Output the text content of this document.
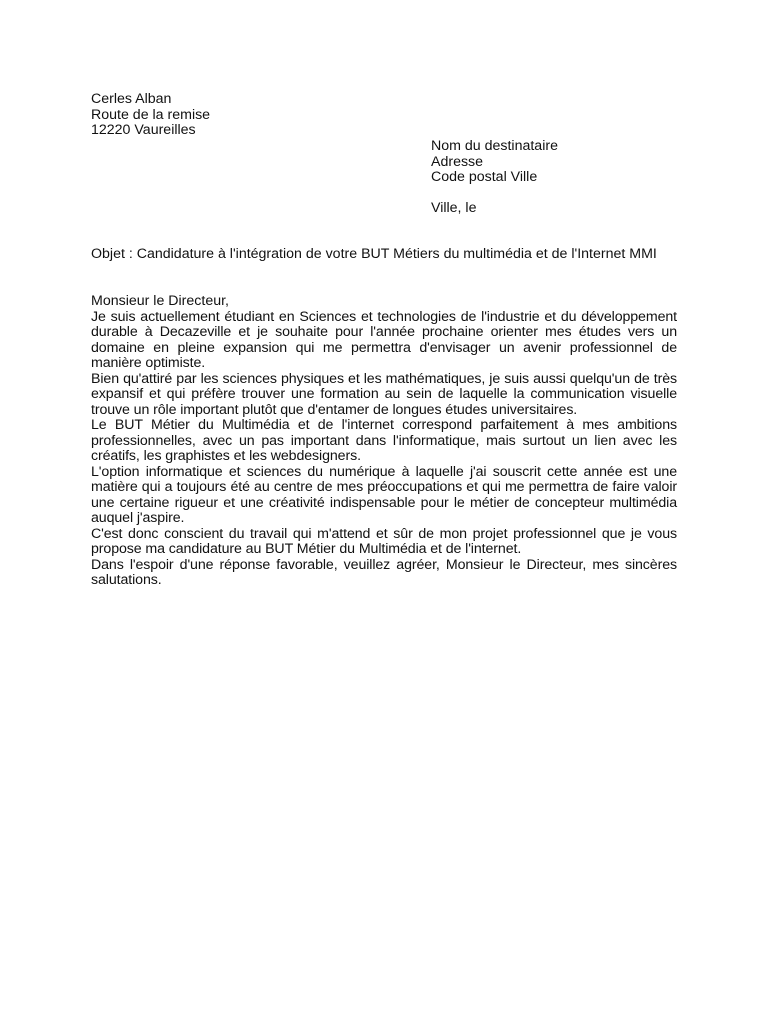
Cerles Alban
Route de la remise
12220 Vaureilles
Nom du destinataire
Adresse
Code postal Ville
Ville, le
Objet : Candidature à l'intégration de votre BUT Métiers du multimédia et de l'Internet MMI
Monsieur le Directeur,

Je suis actuellement étudiant en Sciences et technologies de l'industrie et du développement durable à Decazeville et je souhaite pour l'année prochaine orienter mes études vers un domaine en pleine expansion qui me permettra d'envisager un avenir professionnel de manière optimiste.

Bien qu'attiré par les sciences physiques et les mathématiques, je suis aussi quelqu'un de très expansif et qui préfère trouver une formation au sein de laquelle la communication visuelle trouve un rôle important plutôt que d'entamer de longues études universitaires.

Le BUT Métier du Multimédia et de l'internet correspond parfaitement à mes ambitions professionnelles, avec un pas important dans l'informatique, mais surtout un lien avec les créatifs, les graphistes et les webdesigners.

L'option informatique et sciences du numérique à laquelle j'ai souscrit cette année est une matière qui a toujours été au centre de mes préoccupations et qui me permettra de faire valoir une certaine rigueur et une créativité indispensable pour le métier de concepteur multimédia auquel j'aspire.

C'est donc conscient du travail qui m'attend et sûr de mon projet professionnel que je vous propose ma candidature au BUT Métier du Multimédia et de l'internet.

Dans l'espoir d'une réponse favorable, veuillez agréer, Monsieur le Directeur, mes sincères salutations.
